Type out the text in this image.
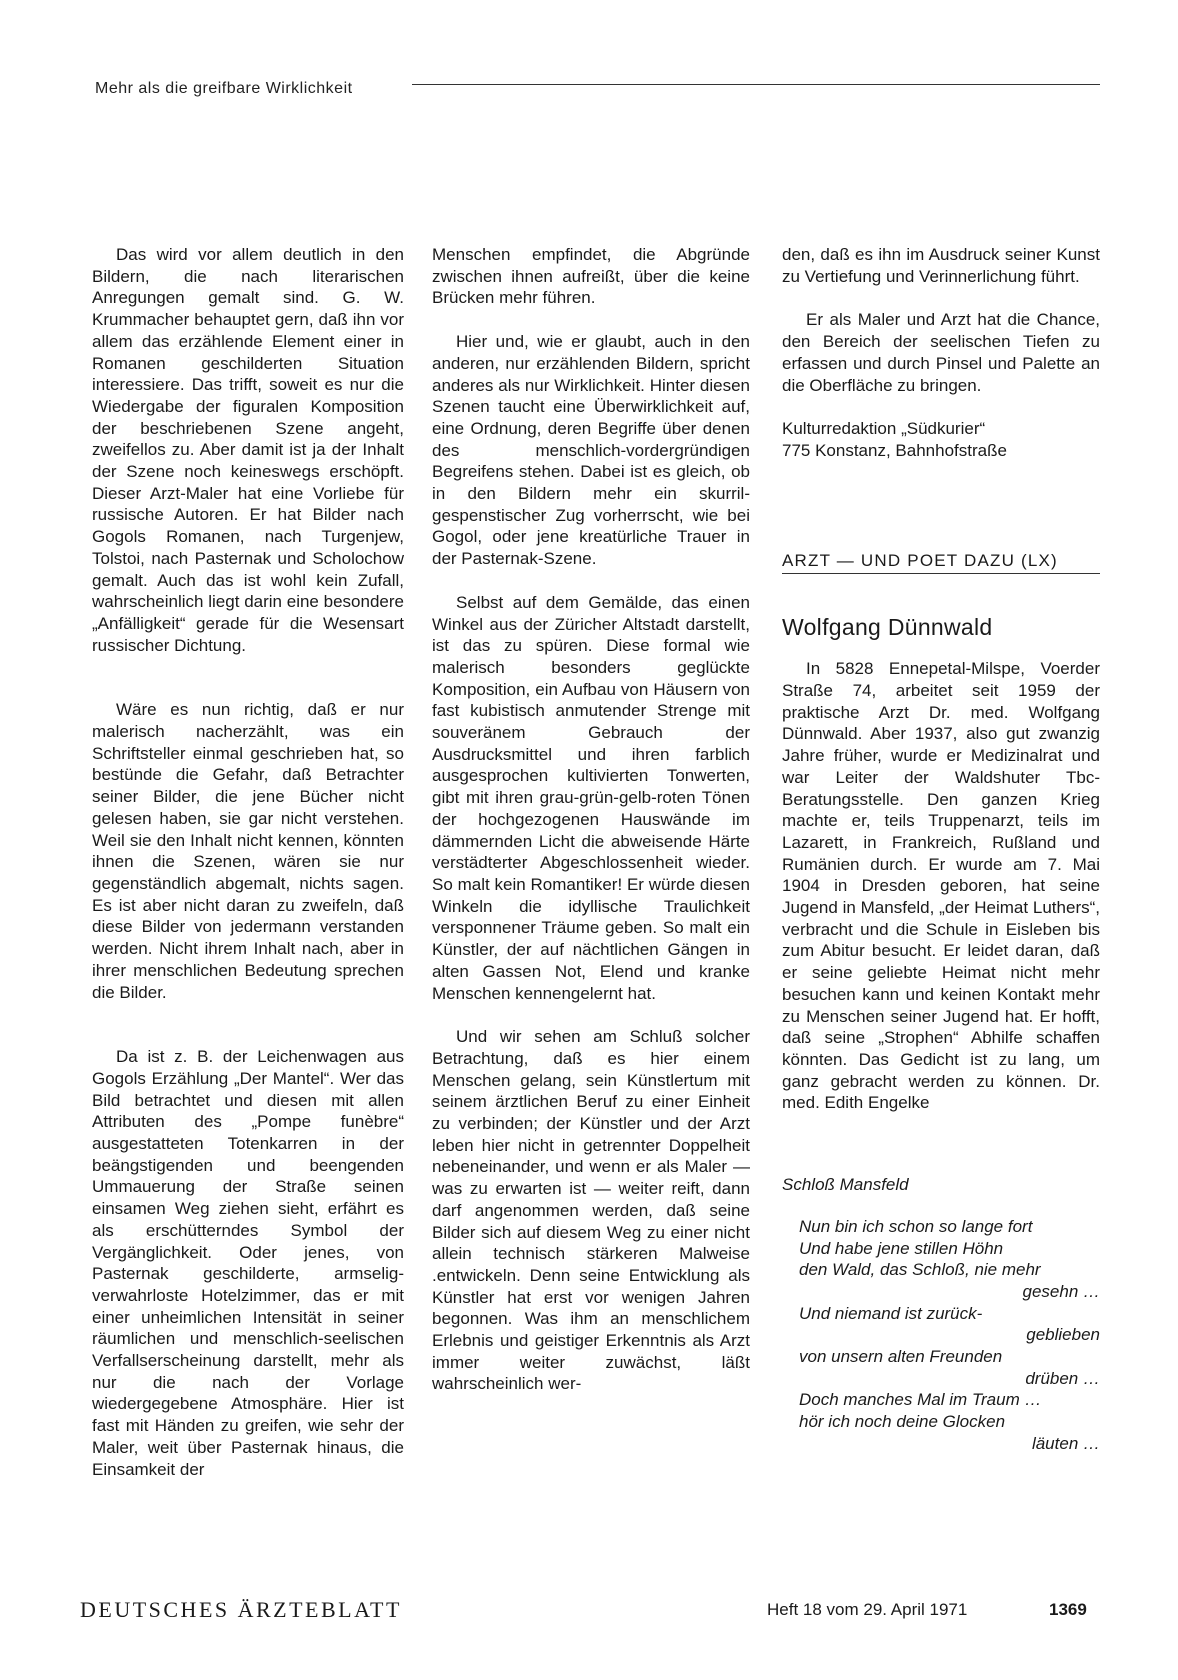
Mehr als die greifbare Wirklichkeit

Das wird vor allem deutlich in den Bildern, die nach literarischen Anregungen gemalt sind. G. W. Krummacher behauptet gern, daß ihn vor allem das erzählende Element einer in Romanen geschilderten Situation interessiere. Das trifft, soweit es nur die Wiedergabe der figuralen Komposition der beschriebenen Szene angeht, zweifellos zu. Aber damit ist ja der Inhalt der Szene noch keineswegs erschöpft. Dieser Arzt-Maler hat eine Vorliebe für russische Autoren. Er hat Bilder nach Gogols Romanen, nach Turgenjew, Tolstoi, nach Pasternak und Scholochow gemalt. Auch das ist wohl kein Zufall, wahrscheinlich liegt darin eine besondere „Anfälligkeit“ gerade für die Wesensart russischer Dichtung.

Wäre es nun richtig, daß er nur malerisch nacherzählt, was ein Schriftsteller einmal geschrieben hat, so bestünde die Gefahr, daß Betrachter seiner Bilder, die jene Bücher nicht gelesen haben, sie gar nicht verstehen. Weil sie den Inhalt nicht kennen, könnten ihnen die Szenen, wären sie nur gegenständlich abgemalt, nichts sagen. Es ist aber nicht daran zu zweifeln, daß diese Bilder von jedermann verstanden werden. Nicht ihrem Inhalt nach, aber in ihrer menschlichen Bedeutung sprechen die Bilder.

Da ist z. B. der Leichenwagen aus Gogols Erzählung „Der Mantel“. Wer das Bild betrachtet und diesen mit allen Attributen des „Pompe funèbre“ ausgestatteten Totenkarren in der beängstigenden und beengenden Ummauerung der Straße seinen einsamen Weg ziehen sieht, erfährt es als erschütterndes Symbol der Vergänglichkeit. Oder jenes, von Pasternak geschilderte, armselig-verwahrloste Hotelzimmer, das er mit einer unheimlichen Intensität in seiner räumlichen und menschlich-seelischen Verfallserscheinung darstellt, mehr als nur die nach der Vorlage wiedergegebene Atmosphäre. Hier ist fast mit Händen zu greifen, wie sehr der Maler, weit über Pasternak hinaus, die Einsamkeit der

Menschen empfindet, die Abgründe zwischen ihnen aufreißt, über die keine Brücken mehr führen.

Hier und, wie er glaubt, auch in den anderen, nur erzählenden Bildern, spricht anderes als nur Wirklichkeit. Hinter diesen Szenen taucht eine Überwirklichkeit auf, eine Ordnung, deren Begriffe über denen des menschlich-vordergründigen Begreifens stehen. Dabei ist es gleich, ob in den Bildern mehr ein skurril-gespenstischer Zug vorherrscht, wie bei Gogol, oder jene kreatürliche Trauer in der Pasternak-Szene.

Selbst auf dem Gemälde, das einen Winkel aus der Züricher Altstadt darstellt, ist das zu spüren. Diese formal wie malerisch besonders geglückte Komposition, ein Aufbau von Häusern von fast kubistisch anmutender Strenge mit souveränem Gebrauch der Ausdrucksmittel und ihren farblich ausgesprochen kultivierten Tonwerten, gibt mit ihren grau-grün-gelb-roten Tönen der hochgezogenen Hauswände im dämmernden Licht die abweisende Härte verstädterter Abgeschlossenheit wieder. So malt kein Romantiker! Er würde diesen Winkeln die idyllische Traulichkeit versponnener Träume geben. So malt ein Künstler, der auf nächtlichen Gängen in alten Gassen Not, Elend und kranke Menschen kennengelernt hat.

Und wir sehen am Schluß solcher Betrachtung, daß es hier einem Menschen gelang, sein Künstlertum mit seinem ärztlichen Beruf zu einer Einheit zu verbinden; der Künstler und der Arzt leben hier nicht in getrennter Doppelheit nebeneinander, und wenn er als Maler — was zu erwarten ist — weiter reift, dann darf angenommen werden, daß seine Bilder sich auf diesem Weg zu einer nicht allein technisch stärkeren Malweise .entwickeln. Denn seine Entwicklung als Künstler hat erst vor wenigen Jahren begonnen. Was ihm an menschlichem Erlebnis und geistiger Erkenntnis als Arzt immer weiter zuwächst, läßt wahrscheinlich wer-

den, daß es ihn im Ausdruck seiner Kunst zu Vertiefung und Verinnerlichung führt.

Er als Maler und Arzt hat die Chance, den Bereich der seelischen Tiefen zu erfassen und durch Pinsel und Palette an die Oberfläche zu bringen.

Kulturredaktion „Südkurier“

775 Konstanz, Bahnhofstraße

ARZT — UND POET DAZU (LX)

Wolfgang Dünnwald

In 5828 Ennepetal-Milspe, Voerder Straße 74, arbeitet seit 1959 der praktische Arzt Dr. med. Wolfgang Dünnwald. Aber 1937, also gut zwanzig Jahre früher, wurde er Medizinalrat und war Leiter der Waldshuter Tbc-Beratungsstelle. Den ganzen Krieg machte er, teils Truppenarzt, teils im Lazarett, in Frankreich, Rußland und Rumänien durch. Er wurde am 7. Mai 1904 in Dresden geboren, hat seine Jugend in Mansfeld, „der Heimat Luthers“, verbracht und die Schule in Eisleben bis zum Abitur besucht. Er leidet daran, daß er seine geliebte Heimat nicht mehr besuchen kann und keinen Kontakt mehr zu Menschen seiner Jugend hat. Er hofft, daß seine „Strophen“ Abhilfe schaffen könnten. Das Gedicht ist zu lang, um ganz gebracht werden zu können. Dr. med. Edith Engelke

Schloß Mansfeld

Nun bin ich schon so lange fort
Und habe jene stillen Höhn
den Wald, das Schloß, nie mehr
gesehn …
Und niemand ist zurück-
geblieben
von unsern alten Freunden
drüben …
Doch manches Mal im Traum …
hör ich noch deine Glocken
läuten …

DEUTSCHES ÄRZTEBLATT	Heft 18 vom 29. April 1971	1369
